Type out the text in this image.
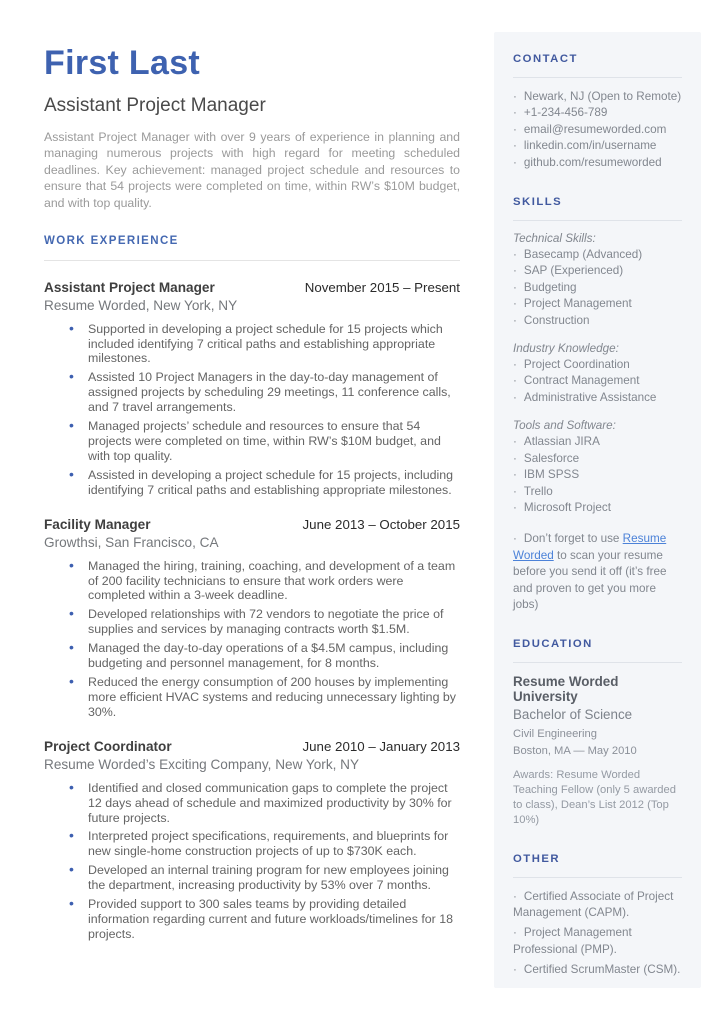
First Last
Assistant Project Manager

Assistant Project Manager with over 9 years of experience in planning and managing numerous projects with high regard for meeting scheduled deadlines. Key achievement: managed project schedule and resources to ensure that 54 projects were completed on time, within RW’s $10M budget, and with top quality.

WORK EXPERIENCE
Assistant Project Manager	November 2015 – Present
Resume Worded, New York, NY
• Supported in developing a project schedule for 15 projects which included identifying 7 critical paths and establishing appropriate milestones.
• Assisted 10 Project Managers in the day-to-day management of assigned projects by scheduling 29 meetings, 11 conference calls, and 7 travel arrangements.
• Managed projects’ schedule and resources to ensure that 54 projects were completed on time, within RW’s $10M budget, and with top quality.
• Assisted in developing a project schedule for 15 projects, including identifying 7 critical paths and establishing appropriate milestones.
Facility Manager	June 2013 – October 2015
Growthsi, San Francisco, CA
• Managed the hiring, training, coaching, and development of a team of 200 facility technicians to ensure that work orders were completed within a 3-week deadline.
• Developed relationships with 72 vendors to negotiate the price of supplies and services by managing contracts worth $1.5M.
• Managed the day-to-day operations of a $4.5M campus, including budgeting and personnel management, for 8 months.
• Reduced the energy consumption of 200 houses by implementing more efficient HVAC systems and reducing unnecessary lighting by 30%.
Project Coordinator	June 2010 – January 2013
Resume Worded’s Exciting Company, New York, NY
• Identified and closed communication gaps to complete the project 12 days ahead of schedule and maximized productivity by 30% for future projects.
• Interpreted project specifications, requirements, and blueprints for new single-home construction projects of up to $730K each.
• Developed an internal training program for new employees joining the department, increasing productivity by 53% over 7 months.
• Provided support to 300 sales teams by providing detailed information regarding current and future workloads/timelines for 18 projects.
CONTACT
· Newark, NJ (Open to Remote)
· +1-234-456-789
· email@resumeworded.com
· linkedin.com/in/username
· github.com/resumeworded
SKILLS
Technical Skills:
· Basecamp (Advanced)
· SAP (Experienced)
· Budgeting
· Project Management
· Construction
Industry Knowledge:
· Project Coordination
· Contract Management
· Administrative Assistance
Tools and Software:
· Atlassian JIRA
· Salesforce
· IBM SPSS
· Trello
· Microsoft Project

· Don’t forget to use Resume Worded to scan your resume before you send it off (it’s free and proven to get you more jobs)

EDUCATION
Resume Worded University
Bachelor of Science
Civil Engineering
Boston, MA — May 2010

Awards: Resume Worded Teaching Fellow (only 5 awarded to class), Dean’s List 2012 (Top 10%)

OTHER
· Certified Associate of Project Management (CAPM).
· Project Management Professional (PMP).
· Certified ScrumMaster (CSM).
